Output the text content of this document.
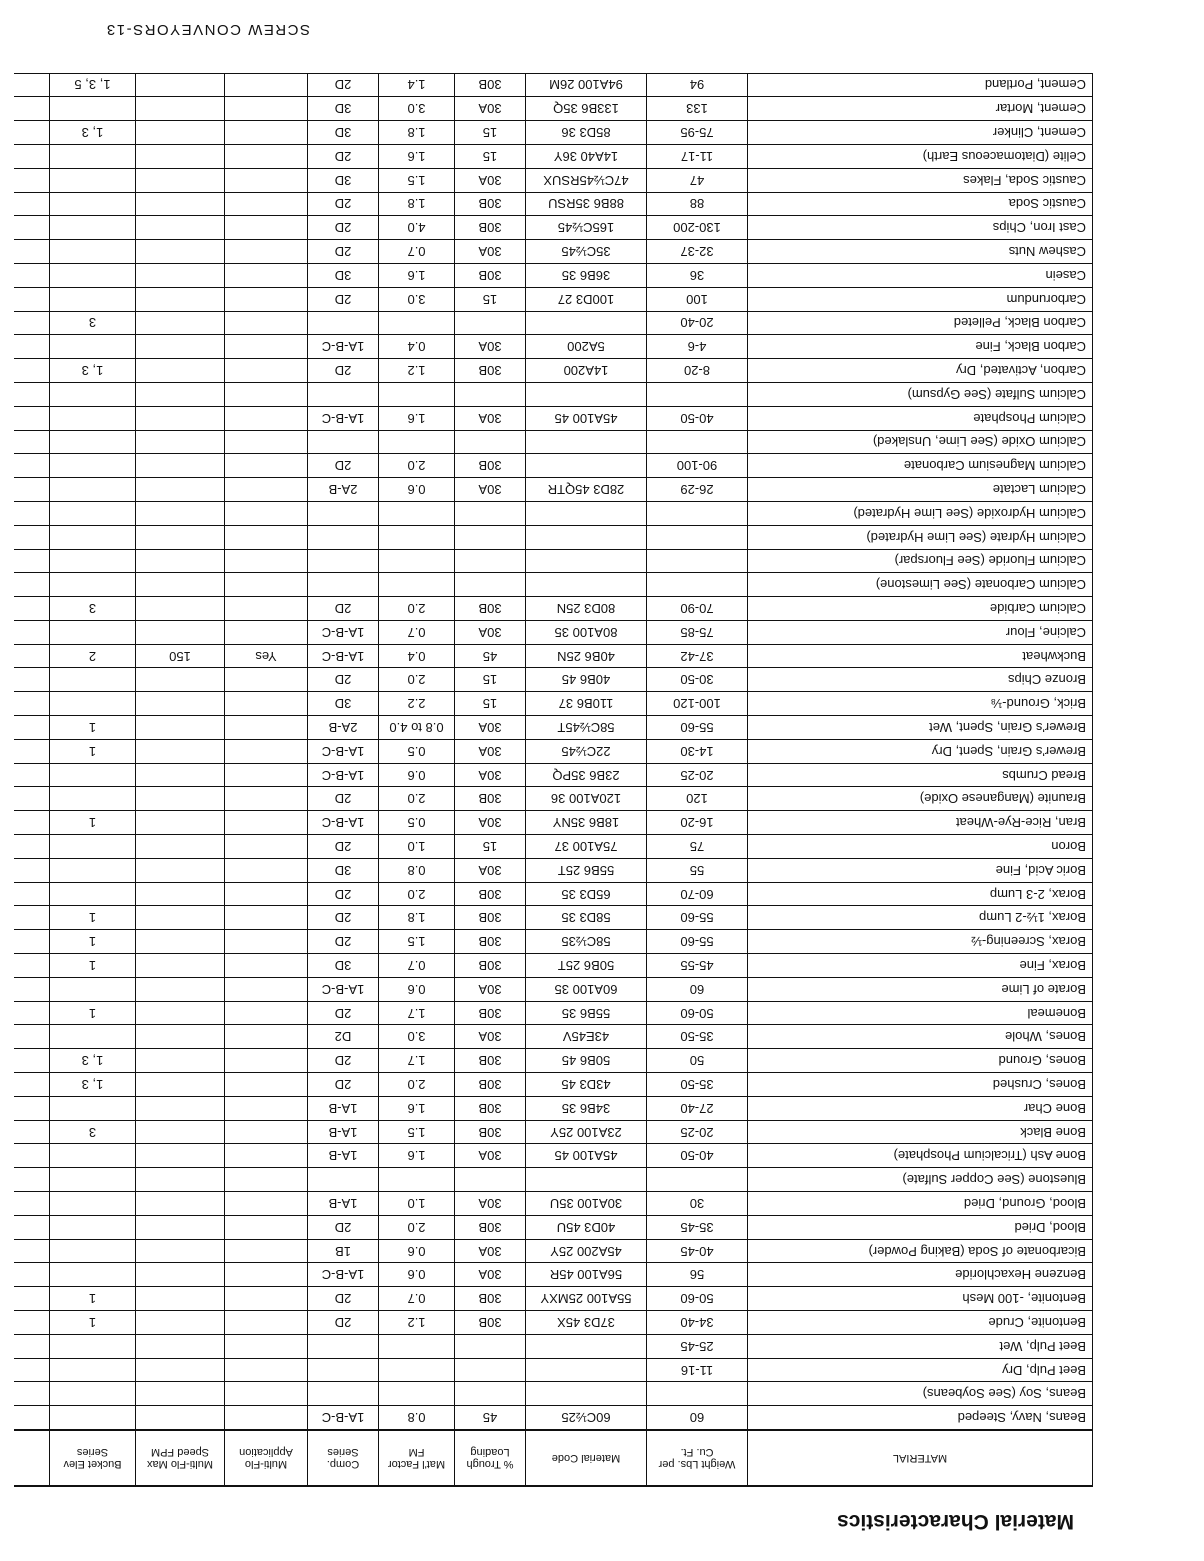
Material Characteristics
MATERIAL	Weight Lbs. per Cu. Ft.	Material Code	% Trough Loading	Mat'l Factor FM	Comp. Series	Multi-Flo Application	Multi-Flo Max Speed FPM	Bucket Elev Series	
Beans, Navy, Steeped	60	60C½25	45	0.8	1A-B-C				
Beans, Soy (See Soybeans)									
Beet Pulp, Dry	11-16								
Beet Pulp, Wet	25-45								
Bentonite, Crude	34-40	37D3 45X	30B	1.2	2D			1	
Bentonite, -100 Mesh	50-60	55A100 25MXY	30B	0.7	2D			1	
Benzene Hexachloride	56	56A100 45R	30A	0.6	1A-B-C				
Bicarbonate of Soda (Baking Powder)	40-45	45A200 25Y	30A	0.6	1B				
Blood, Dried	35-45	40D3 45U	30B	2.0	2D				
Blood, Ground, Dried	30	30A100 35U	30A	1.0	1A-B				
Bluestone (See Copper Sulfate)									
Bone Ash (Tricalcium Phosphate)	40-50	45A100 45	30A	1.6	1A-B				
Bone Black	20-25	23A100 25Y	30B	1.5	1A-B			3	
Bone Char	27-40	34B6 35	30B	1.6	1A-B				
Bones, Crushed	35-50	43D3 45	30B	2.0	2D			1, 3	
Bones, Ground	50	50B6 45	30B	1.7	2D			1, 3	
Bones, Whole	35-50	43E45V	30A	3.0	D2				
Bonemeal	50-60	55B6 35	30B	1.7	2D			1	
Borate of Lime	60	60A100 35	30A	0.6	1A-B-C				
Borax, Fine	45-55	50B6 25T	30B	0.7	3D			1	
Borax, Screening-½	55-60	58C½35	30B	1.5	2D			1	
Borax, 1½-2 Lump	55-60	58D3 35	30B	1.8	2D			1	
Borax, 2-3 Lump	60-70	65D3 35	30B	2.0	2D				
Boric Acid, Fine	55	55B6 25T	30A	0.8	3D				
Boron	75	75A100 37	15	1.0	2D				
Bran, Rice-Rye-Wheat	16-20	18B6 35NY	30A	0.5	1A-B-C			1	
Braunite (Manganese Oxide)	120	120A100 36	30B	2.0	2D				
Bread Crumbs	20-25	23B6 35PQ	30A	0.6	1A-B-C				
Brewer's Grain, Spent, Dry	14-30	22C½45	30A	0.5	1A-B-C			1	
Brewer's Grain, Spent, Wet	55-60	58C½45T	30A	0.8 to 4.0	2A-B			1	
Brick, Ground-⅛	100-120	110B6 37	15	2.2	3D				
Bronze Chips	30-50	40B6 45	15	2.0	2D				
Buckwheat	37-42	40B6 25N	45	0.4	1A-B-C	Yes	150	2	
Calcine, Flour	75-85	80A100 35	30A	0.7	1A-B-C				
Calcium Carbide	70-90	80D3 25N	30B	2.0	2D			3	
Calcium Carbonate (See Limestone)									
Calcium Fluoride (See Fluorspar)									
Calcium Hydrate (See Lime Hydrated)									
Calcium Hydroxide (See Lime Hydrated)									
Calcium Lactate	26-29	28D3 45QTR	30A	0.6	2A-B				
Calcium Magnesium Carbonate	90-100		30B	2.0	2D				
Calcium Oxide (See Lime, Unslaked)									
Calcium Phosphate	40-50	45A100 45	30A	1.6	1A-B-C				
Calcium Sulfate (See Gypsum)									
Carbon, Activated, Dry	8-20	14A200	30B	1.2	2D			1, 3	
Carbon Black, Fine	4-6	5A200	30A	0.4	1A-B-C				
Carbon Black, Pelleted	20-40							3	
Carborundum	100	100D3 27	15	3.0	2D				
Casein	36	36B6 35	30B	1.6	3D				
Cashew Nuts	32-37	35C½45	30A	0.7	2D				
Cast Iron, Chips	130-200	165C½45	30B	4.0	2D				
Caustic Soda	88	88B6 35RSU	30B	1.8	2D				
Caustic Soda, Flakes	47	47C½45RSUX	30A	1.5	3D				
Celite (Diatomaceous Earth)	11-17	14A40 36Y	15	1.6	2D				
Cement, Clinker	75-95	85D3 36	15	1.8	3D			1, 3	
Cement, Mortar	133	133B6 35Q	30A	3.0	3D				
Cement, Portland	94	94A100 26M	30B	1.4	2D			1, 3, 5	
SCREW CONVEYORS-13
